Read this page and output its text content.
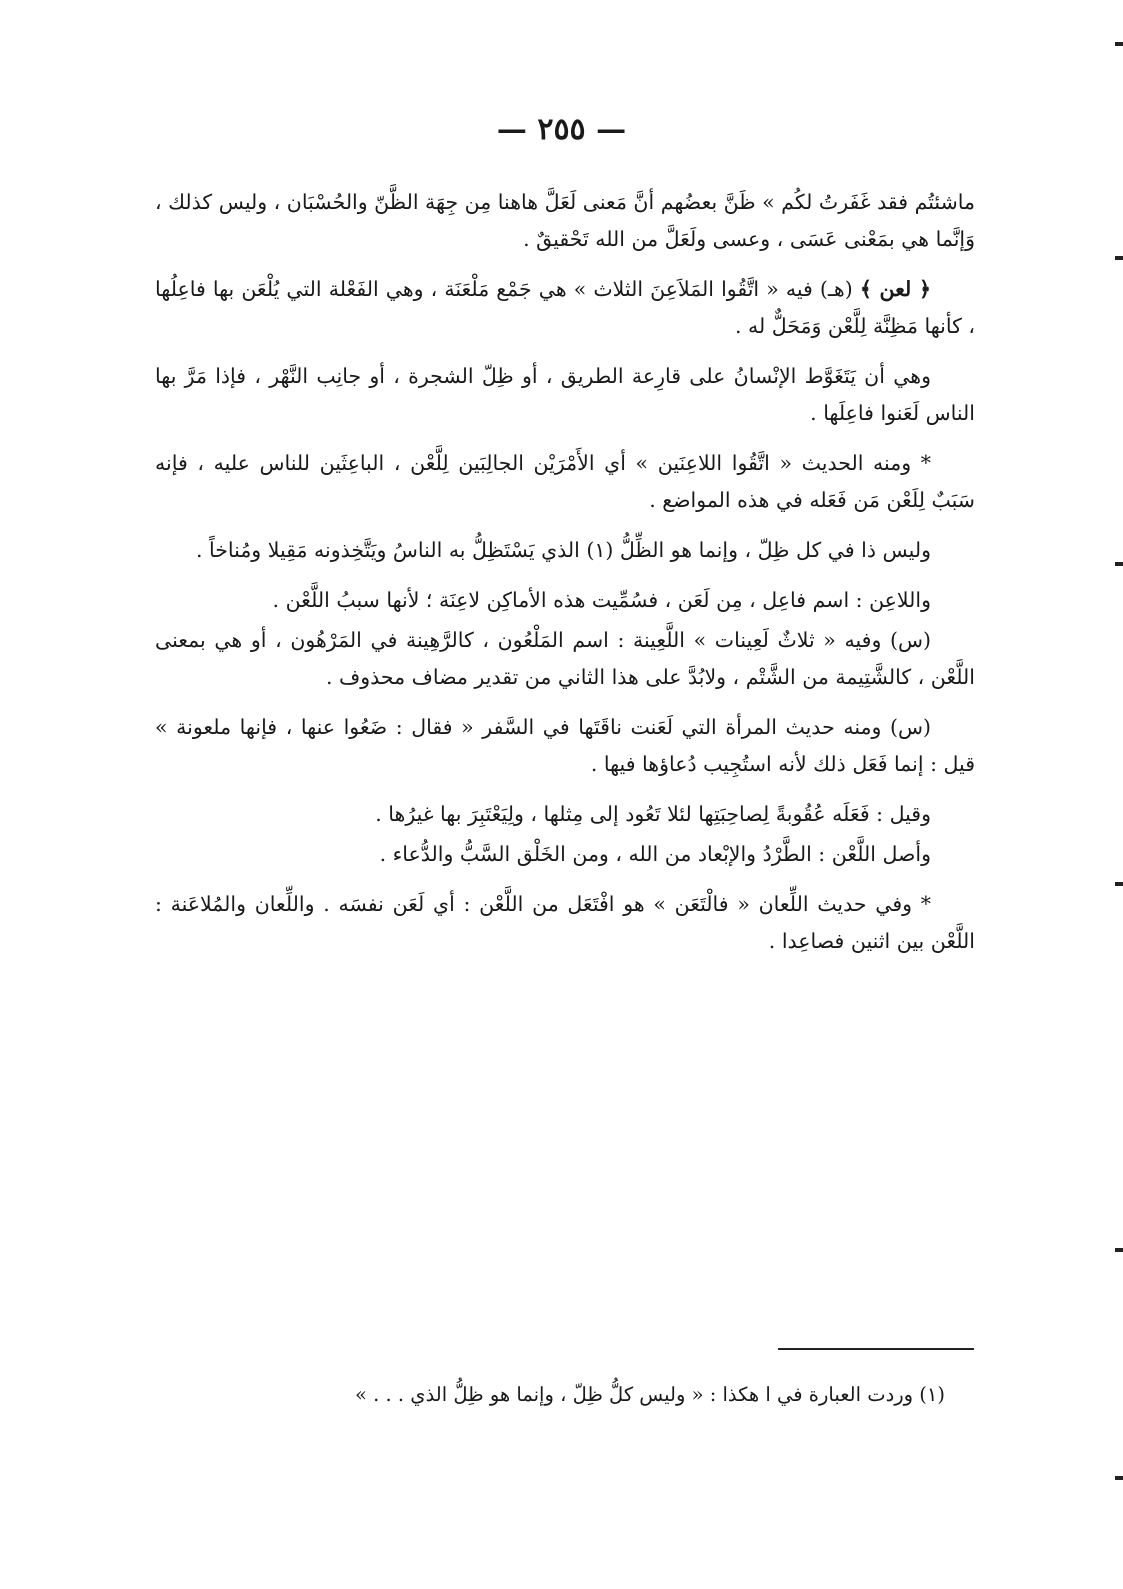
— ٢٥٥ —

ماشئتُم فقد غَفَرتُ لكُم » ظَنَّ بعضُهم أنَّ مَعنى لَعَلَّ هاهنا مِن جِهَة الظَّنّ والحُسْبَان ، وليس كذلك ، وَإنَّما هي بمَعْنى عَسَى ، وعسى ولَعَلَّ من الله تَحْقيقٌ .

﴿ لعن ﴾ (هـ) فيه « اتَّقُوا المَلاَعِنَ الثلاث » هي جَمْع مَلْعَنَة ، وهي الفَعْلة التي يُلْعَن بها فاعِلُها ، كأنها مَظِنَّة لِلَّعْن وَمَحَلٌّ له .

وهي أن يَتَغَوَّط الإنْسانُ على قارِعة الطريق ، أو ظِلّ الشجرة ، أو جانِب النَّهْر ، فإذا مَرَّ بها الناس لَعَنوا فاعِلَها .

* ومنه الحديث « اتَّقُوا اللاعِنَين » أي الأَمْرَيْن الجالِبَين لِلَّعْن ، الباعِثَين للناس عليه ، فإنه سَبَبٌ لِلَعْن مَن فَعَله في هذه المواضع .

وليس ذا في كل ظِلّ ، وإنما هو الظِّلُّ (١) الذي يَسْتَظِلُّ به الناسُ ويَتَّخِذونه مَقِيلا ومُناخاً .

واللاعِن : اسم فاعِل ، مِن لَعَن ، فسُمِّيت هذه الأماكِن لاعِنَة ؛ لأنها سببُ اللَّعْن .

(س) وفيه « ثلاثٌ لَعِينات » اللَّعِينة : اسم المَلْعُون ، كالرَّهِينة في المَرْهُون ، أو هي بمعنى اللَّعْن ، كالشَّتِيمة من الشَّتْم ، ولابُدَّ على هذا الثاني من تقدير مضاف محذوف .

(س) ومنه حديث المرأة التي لَعَنت ناقَتَها في السَّفر « فقال : ضَعُوا عنها ، فإنها ملعونة » قيل : إنما فَعَل ذلك لأنه استُجِيب دُعاؤها فيها .

وقيل : فَعَلَه عُقُوبةً لِصاحِبَتِها لئلا تَعُود إلى مِثلها ، ولِيَعْتَبِرَ بها غيرُها .

وأصل اللَّعْن : الطَّرْدُ والإبْعاد من الله ، ومن الخَلْق السَّبُّ والدُّعاء .

* وفي حديث اللِّعان « فالْتَعَن » هو افْتَعَل من اللَّعْن : أي لَعَن نفسَه . واللِّعان والمُلاعَنة : اللَّعْن بين اثنين فصاعِدا .

(١) وردت العبارة في ا هكذا : « وليس كلُّ ظِلّ ، وإنما هو ظِلُّ الذي . . . »
